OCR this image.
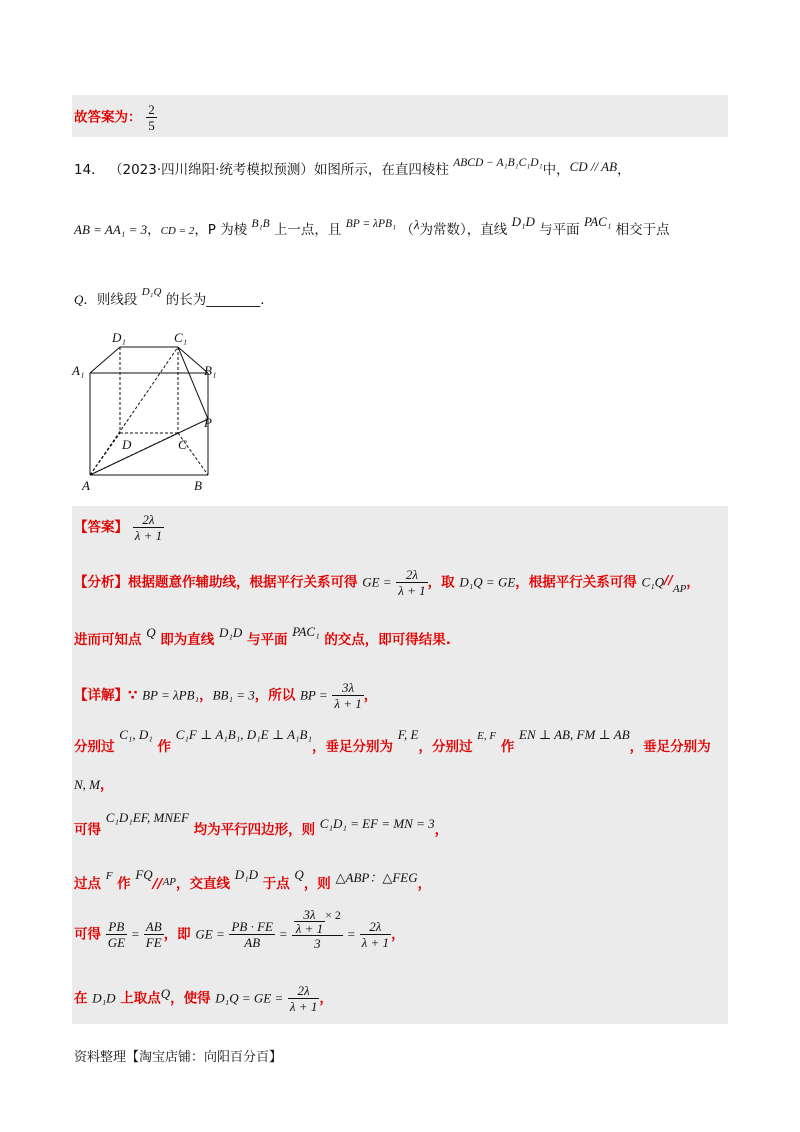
故答案为： $\frac{2}{5}$
14． （2023·四川绵阳·统考模拟预测）如图所示，在直四棱柱 ABCD − A₁B₁C₁D₁中，CD // AB，
AB = AA₁ = 3，CD = 2，P 为棱 B₁B 上一点，且 BP = λPB₁ （λ为常数），直线 D₁D 与平面 PAC₁ 相交于点
Q．则线段 $^{D_1Q}$ 的长为________.
D₁	C₁
A₁	B₁
P
D	C
A	B
【答案】 $\frac{2\lambda}{\lambda + 1}$
【分析】根据题意作辅助线，根据平行关系可得 GE = $\frac{2\lambda}{\lambda + 1}$ ，取 D₁Q = GE，根据平行关系可得 C₁Q/$/_{AP}$，
进而可知点 Q 即为直线 D₁D 与平面 PAC₁ 的交点，即可得结果.
【详解】∵ BP = λPB₁，BB₁ = 3，所以 BP = $\frac{3\lambda}{\lambda + 1}$ ，
分别过 C₁, D₁ 作 C₁F ⊥ A₁B₁, D₁E ⊥ A₁B₁，垂足分别为 F, E，分别过 $^{E, F}$ 作 EN ⊥ AB, FM ⊥ AB，垂足分别为
N, M，
可得 C₁D₁EF, MNEF 均为平行四边形，则 C₁D₁ = EF = MN = 3，
过点 $^F$ 作 FQ//$^{AP}$，交直线 D₁D 于点 Q，则 △ABP：△FEG，
可得 $\frac{PB}{GE} = \frac{AB}{FE}$ ，即 GE = $\frac{PB \cdot FE}{AB} = \frac{\frac{3\lambda}{\lambda + 1} \times 2}{3} = \frac{2\lambda}{\lambda + 1}$ ，
在 D₁D 上取点Q，使得 D₁Q = GE = $\frac{2\lambda}{\lambda + 1}$ ，
资料整理【淘宝店铺：向阳百分百】
